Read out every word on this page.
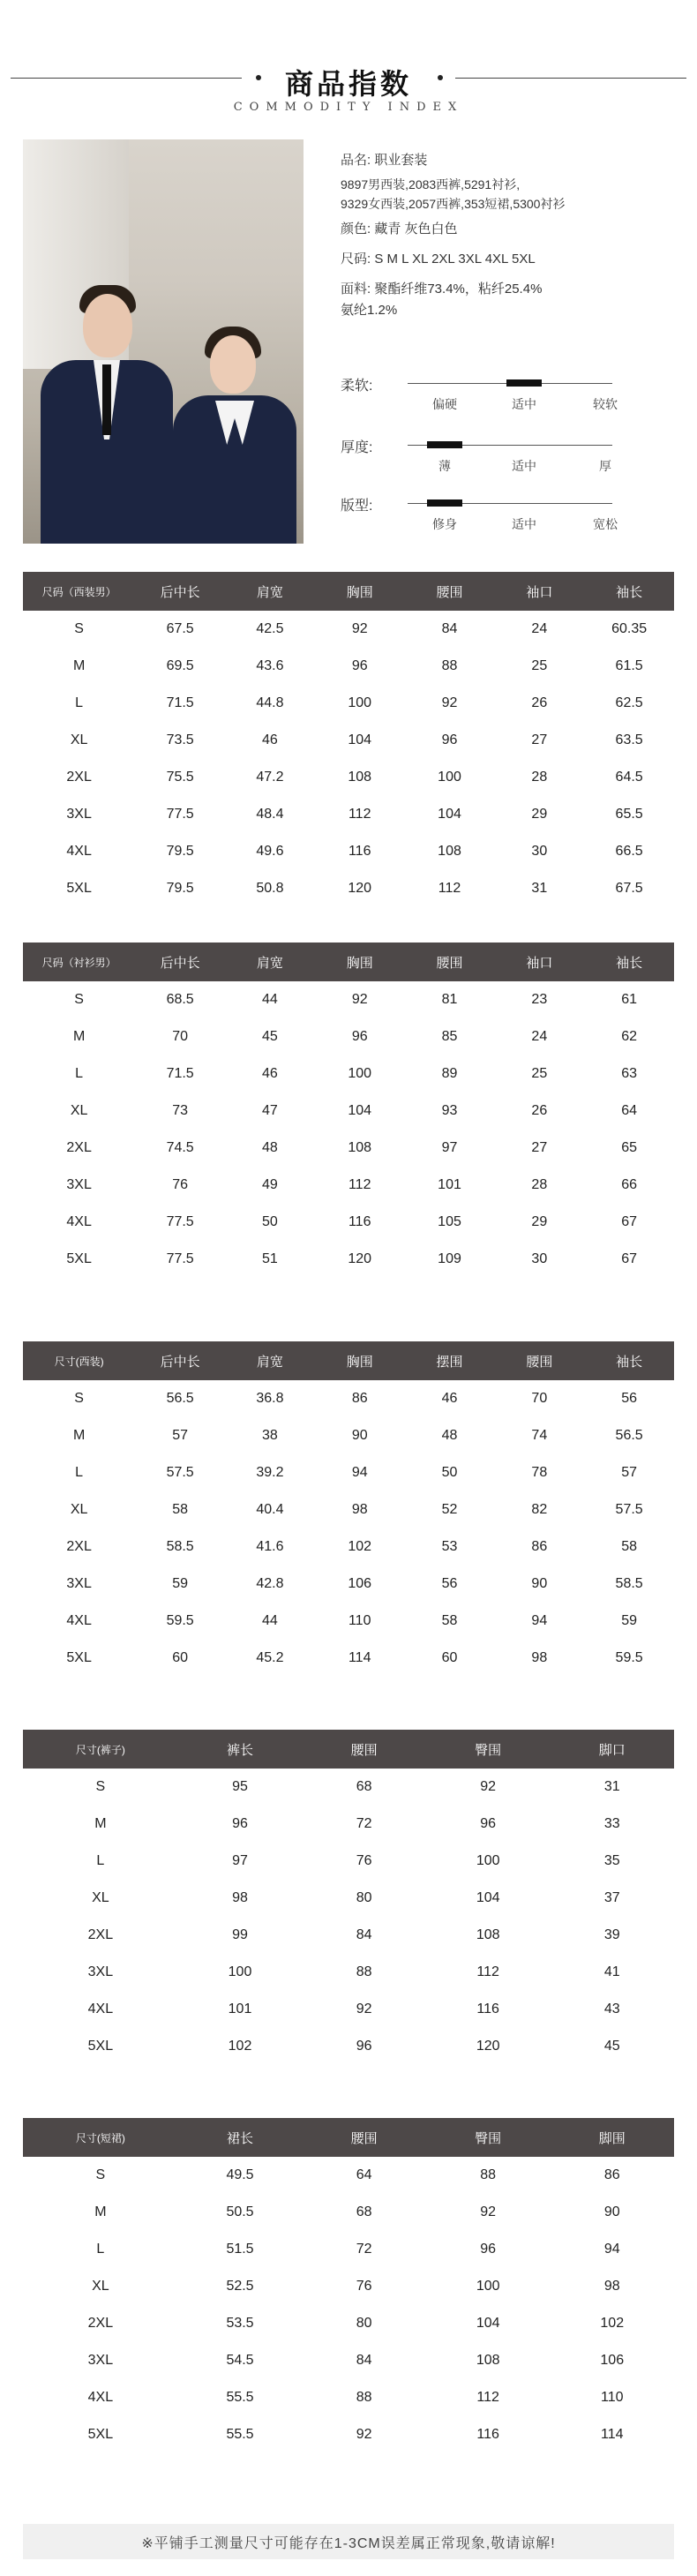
商品指数
COMMODITY INDEX
品名: 职业套装
9897男西装,2083西裤,5291衬衫,
9329女西装,2057西裤,353短裙,5300衬衫
颜色: 藏青 灰色白色
尺码: S M L XL 2XL 3XL 4XL 5XL
面料: 聚酯纤维73.4%，粘纤25.4%
氨纶1.2%
柔软:
偏硬	适中	较软
厚度:
薄	适中	厚
版型:
修身	适中	宽松
尺码（西装男）	后中长	肩宽	胸围	腰围	袖口	袖长
S	67.5	42.5	92	84	24	60.35
M	69.5	43.6	96	88	25	61.5
L	71.5	44.8	100	92	26	62.5
XL	73.5	46	104	96	27	63.5
2XL	75.5	47.2	108	100	28	64.5
3XL	77.5	48.4	112	104	29	65.5
4XL	79.5	49.6	116	108	30	66.5
5XL	79.5	50.8	120	112	31	67.5
尺码（衬衫男）	后中长	肩宽	胸围	腰围	袖口	袖长
S	68.5	44	92	81	23	61
M	70	45	96	85	24	62
L	71.5	46	100	89	25	63
XL	73	47	104	93	26	64
2XL	74.5	48	108	97	27	65
3XL	76	49	112	101	28	66
4XL	77.5	50	116	105	29	67
5XL	77.5	51	120	109	30	67
尺寸(西装)	后中长	肩宽	胸围	摆围	腰围	袖长
S	56.5	36.8	86	46	70	56
M	57	38	90	48	74	56.5
L	57.5	39.2	94	50	78	57
XL	58	40.4	98	52	82	57.5
2XL	58.5	41.6	102	53	86	58
3XL	59	42.8	106	56	90	58.5
4XL	59.5	44	110	58	94	59
5XL	60	45.2	114	60	98	59.5
尺寸(裤子)	裤长	腰围	臀围	脚口
S	95	68	92	31
M	96	72	96	33
L	97	76	100	35
XL	98	80	104	37
2XL	99	84	108	39
3XL	100	88	112	41
4XL	101	92	116	43
5XL	102	96	120	45
尺寸(短裙)	裙长	腰围	臀围	脚围
S	49.5	64	88	86
M	50.5	68	92	90
L	51.5	72	96	94
XL	52.5	76	100	98
2XL	53.5	80	104	102
3XL	54.5	84	108	106
4XL	55.5	88	112	110
5XL	55.5	92	116	114
※平铺手工测量尺寸可能存在1-3CM误差属正常现象,敬请谅解!
